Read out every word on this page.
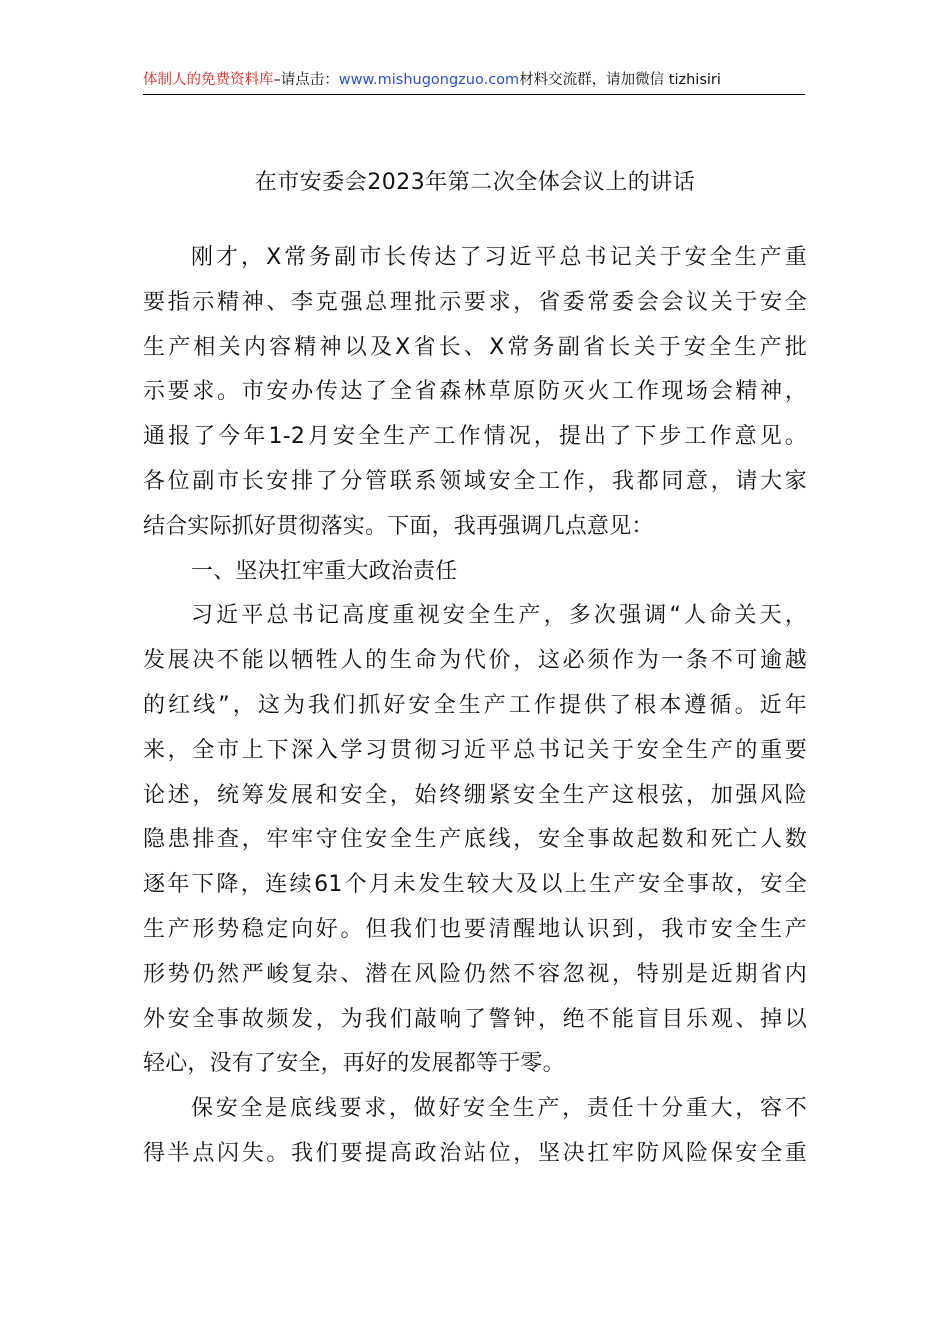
体制人的免费资料库–请点击：www.mishugongzuo.com材料交流群，请加微信 tizhisiri
在市安委会2023年第二次全体会议上的讲话
刚才，X常务副市长传达了习近平总书记关于安全生产重
要指示精神、李克强总理批示要求，省委常委会会议关于安全
生产相关内容精神以及X省长、X常务副省长关于安全生产批
示要求。市安办传达了全省森林草原防灭火工作现场会精神，
通报了今年1-2月安全生产工作情况，提出了下步工作意见。
各位副市长安排了分管联系领域安全工作，我都同意，请大家
结合实际抓好贯彻落实。下面，我再强调几点意见：
一、坚决扛牢重大政治责任
习近平总书记高度重视安全生产，多次强调“人命关天，
发展决不能以牺牲人的生命为代价，这必须作为一条不可逾越
的红线”，这为我们抓好安全生产工作提供了根本遵循。近年
来，全市上下深入学习贯彻习近平总书记关于安全生产的重要
论述，统筹发展和安全，始终绷紧安全生产这根弦，加强风险
隐患排查，牢牢守住安全生产底线，安全事故起数和死亡人数
逐年下降，连续61个月未发生较大及以上生产安全事故，安全
生产形势稳定向好。但我们也要清醒地认识到，我市安全生产
形势仍然严峻复杂、潜在风险仍然不容忽视，特别是近期省内
外安全事故频发，为我们敲响了警钟，绝不能盲目乐观、掉以
轻心，没有了安全，再好的发展都等于零。
保安全是底线要求，做好安全生产，责任十分重大，容不
得半点闪失。我们要提高政治站位，坚决扛牢防风险保安全重
